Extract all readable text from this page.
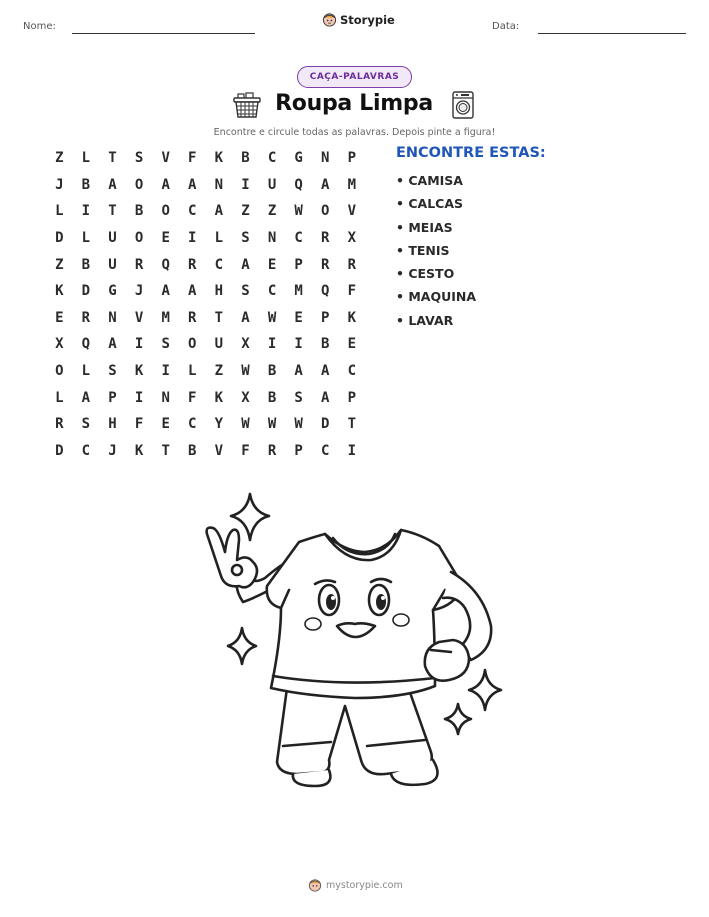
Nome:	Storypie	Data:
CAÇA-PALAVRAS
Roupa Limpa
Encontre e circule todas as palavras. Depois pinte a figura!
Z	L	T	S	V	F	K	B	C	G	N	P
J	B	A	O	A	A	N	I	U	Q	A	M
L	I	T	B	O	C	A	Z	Z	W	O	V
D	L	U	O	E	I	L	S	N	C	R	X
Z	B	U	R	Q	R	C	A	E	P	R	R
K	D	G	J	A	A	H	S	C	M	Q	F
E	R	N	V	M	R	T	A	W	E	P	K
X	Q	A	I	S	O	U	X	I	I	B	E
O	L	S	K	I	L	Z	W	B	A	A	C
L	A	P	I	N	F	K	X	B	S	A	P
R	S	H	F	E	C	Y	W	W	W	D	T
D	C	J	K	T	B	V	F	R	P	C	I
ENCONTRE ESTAS:
• CAMISA
• CALCAS
• MEIAS
• TENIS
• CESTO
• MAQUINA
• LAVAR
mystorypie.com
